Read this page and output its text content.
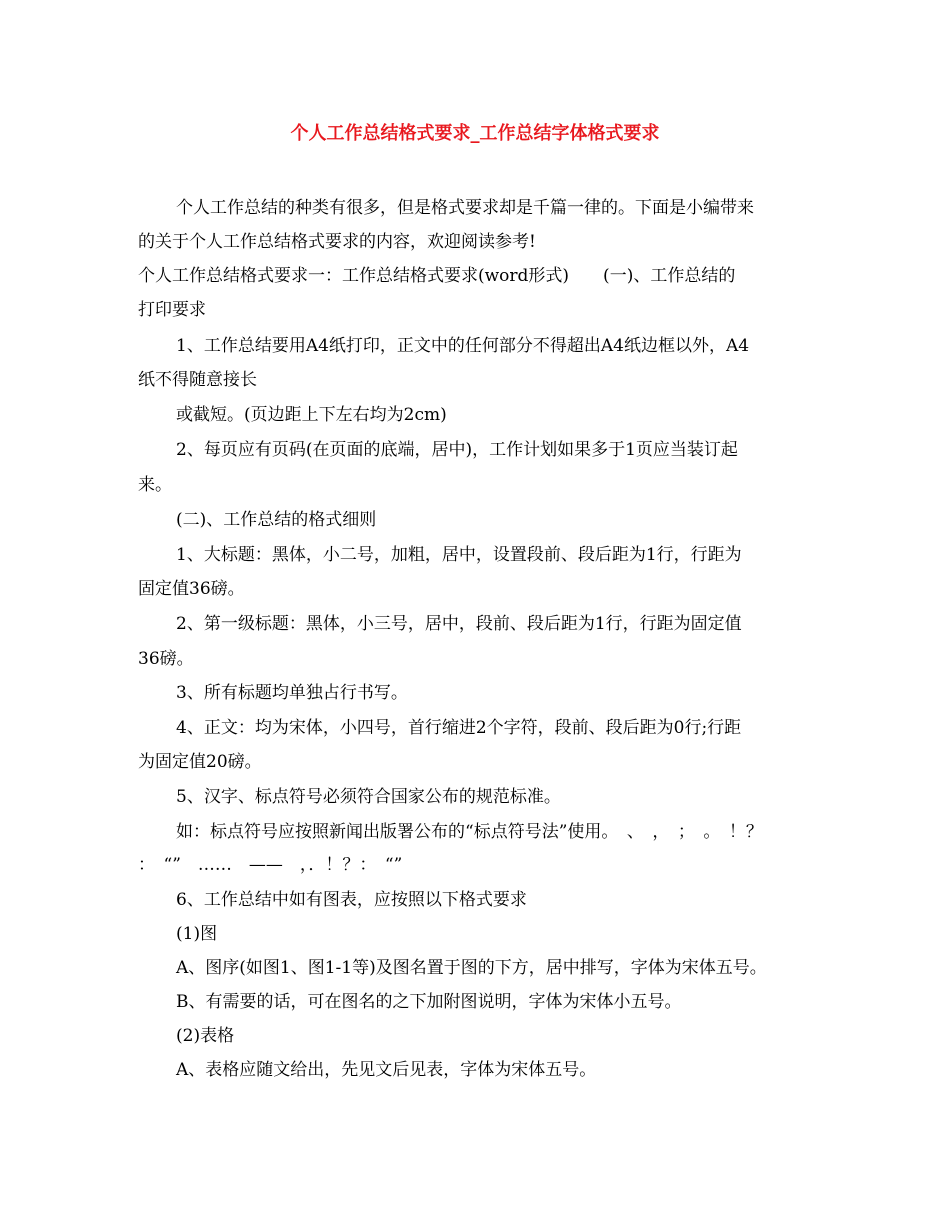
个人工作总结格式要求_工作总结字体格式要求
个人工作总结的种类有很多，但是格式要求却是千篇一律的。下面是小编带来
的关于个人工作总结格式要求的内容，欢迎阅读参考!
个人工作总结格式要求一：工作总结格式要求(word形式)　　(一)、工作总结的
打印要求
1、工作总结要用A4纸打印，正文中的任何部分不得超出A4纸边框以外，A4
纸不得随意接长
或截短。(页边距上下左右均为2cm)
2、每页应有页码(在页面的底端，居中)，工作计划如果多于1页应当装订起
来。
(二)、工作总结的格式细则
1、大标题：黑体，小二号，加粗，居中，设置段前、段后距为1行，行距为
固定值36磅。
2、第一级标题：黑体，小三号，居中，段前、段后距为1行，行距为固定值
36磅。
3、所有标题均单独占行书写。
4、正文：均为宋体，小四号，首行缩进2个字符，段前、段后距为0行;行距
为固定值20磅。
5、汉字、标点符号必须符合国家公布的规范标准。
如：标点符号应按照新闻出版署公布的“标点符号法”使用。　、　，　；　。　！？
：　“”　……　——　，．！？：　“”
6、工作总结中如有图表，应按照以下格式要求
(1)图
A、图序(如图1、图1-1等)及图名置于图的下方，居中排写，字体为宋体五号。
B、有需要的话，可在图名的之下加附图说明，字体为宋体小五号。
(2)表格
A、表格应随文给出，先见文后见表，字体为宋体五号。
